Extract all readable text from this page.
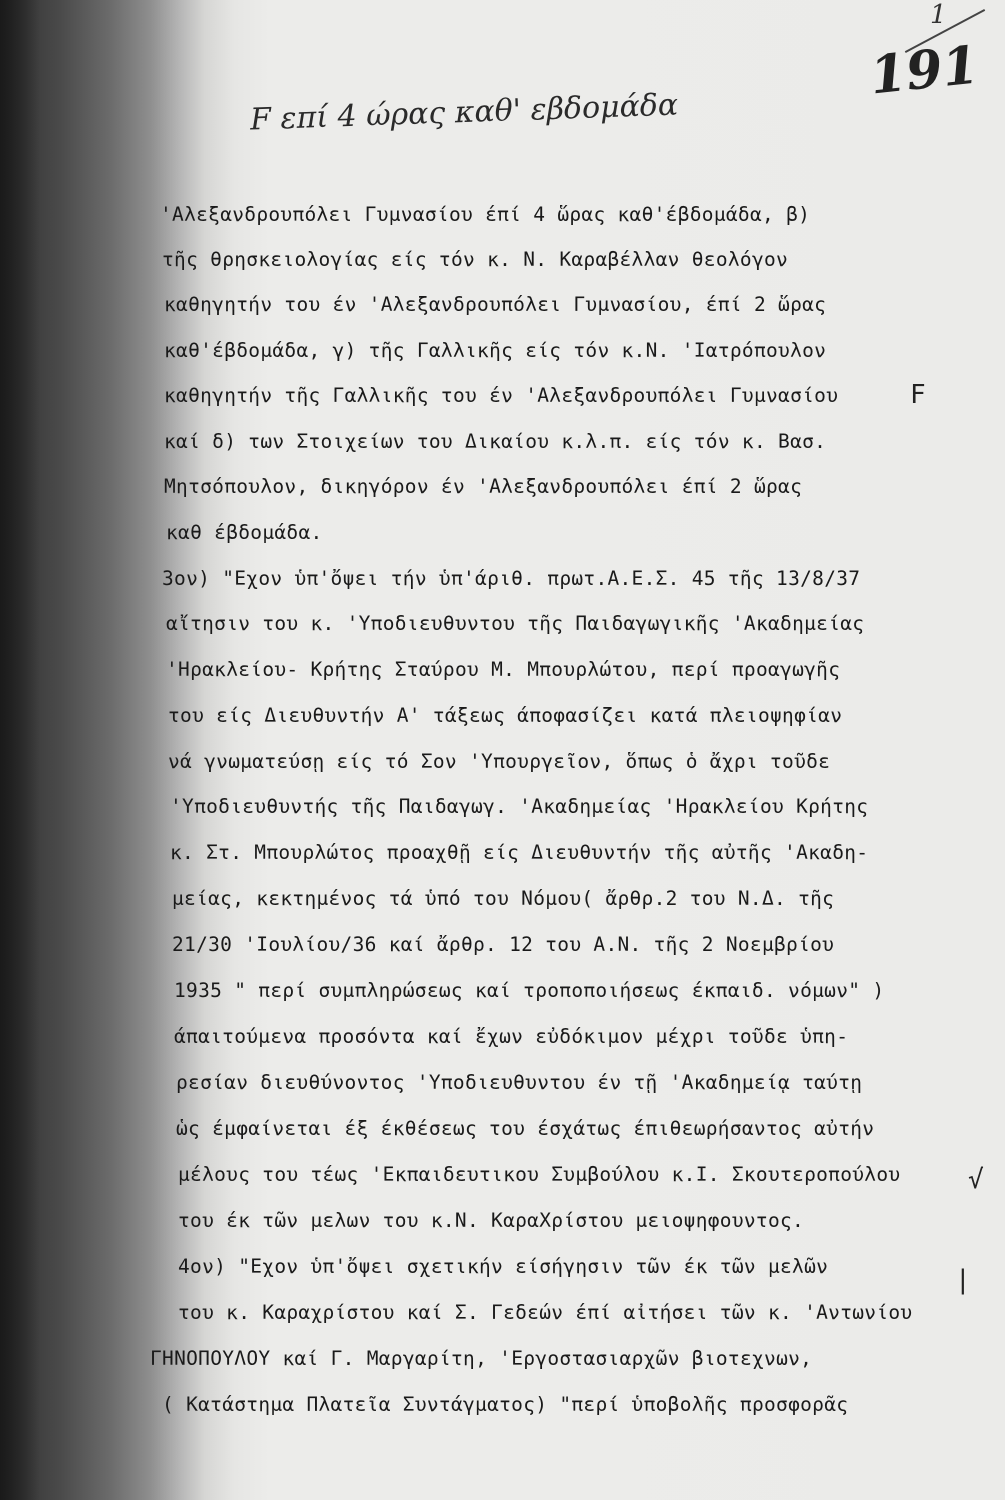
1
191
F επί 4 ώρας καθ' εβδομάδα
'Αλεξανδρουπόλει Γυμνασίου έπί 4 ὥρας καθ'έβδομάδα, β)
τῆς θρησκειολογίας είς τόν κ. Ν. Καραβέλλαν θεολόγον
καθηγητήν του έν 'Αλεξανδρουπόλει Γυμνασίου, έπί 2 ὥρας
καθ'έβδομάδα, γ) τῆς Γαλλικῆς είς τόν κ.Ν. 'Ιατρόπουλον
καθηγητήν τῆς Γαλλικῆς του έν 'Αλεξανδρουπόλει Γυμνασίου
καί δ) των Στοιχείων του Δικαίου κ.λ.π. είς τόν κ. Βασ.
Μητσόπουλον, δικηγόρον έν 'Αλεξανδρουπόλει έπί 2 ὥρας
καθ έβδομάδα.
3ον) "Εχον ὑπ'ὄψει τήν ὑπ'άριθ. πρωτ.Α.Ε.Σ. 45 τῆς 13/8/37
αἴτησιν του κ. 'Υποδιευθυντου τῆς Παιδαγωγικῆς 'Ακαδημείας
'Ηρακλείου- Κρήτης Σταύρου Μ. Μπουρλώτου, περί προαγωγῆς
του είς Διευθυντήν Α' τάξεως άποφασίζει κατά πλειοψηφίαν
νά γνωματεύσῃ είς τό Σον 'Υπουργεῖον, ὅπως ὁ ἄχρι τοῦδε
'Υποδιευθυντής τῆς Παιδαγωγ. 'Ακαδημείας 'Ηρακλείου Κρήτης
κ. Στ. Μπουρλώτος προαχθῇ είς Διευθυντήν τῆς αὐτῆς 'Ακαδη-
μείας, κεκτημένος τά ὑπό του Νόμου( ἄρθρ.2 του Ν.Δ. τῆς
21/30 'Ιουλίου/36 καί ἄρθρ. 12 του Α.Ν. τῆς 2 Νοεμβρίου
1935 " περί συμπληρώσεως καί τροποποιήσεως έκπαιδ. νόμων" )
άπαιτούμενα προσόντα καί ἔχων εὐδόκιμον μέχρι τοῦδε ὑπη-
ρεσίαν διευθύνοντος 'Υποδιευθυντου έν τῇ 'Ακαδημείᾳ ταύτῃ
ὡς έμφαίνεται έξ έκθέσεως του έσχάτως έπιθεωρήσαντος αὐτήν
μέλους του τέως 'Εκπαιδευτικου Συμβούλου κ.Ι. Σκουτεροπούλου
του έκ τῶν μελων του κ.Ν. ΚαραΧρίστου μειοψηφουντος.
4ον) "Εχον ὑπ'ὄψει σχετικήν είσήγησιν τῶν έκ τῶν μελῶν
του κ. Καραχρίστου καί Σ. Γεδεών έπί αἰτήσει τῶν κ. 'Αντωνίου
ΓΗΝΟΠΟΥΛΟΥ καί Γ. Μαργαρίτη, 'Εργοστασιαρχῶν βιοτεχνων,
( Κατάστημα Πλατεῖα Συντάγματος) "περί ὑποβολῆς προσφορᾶς
F
√
|
